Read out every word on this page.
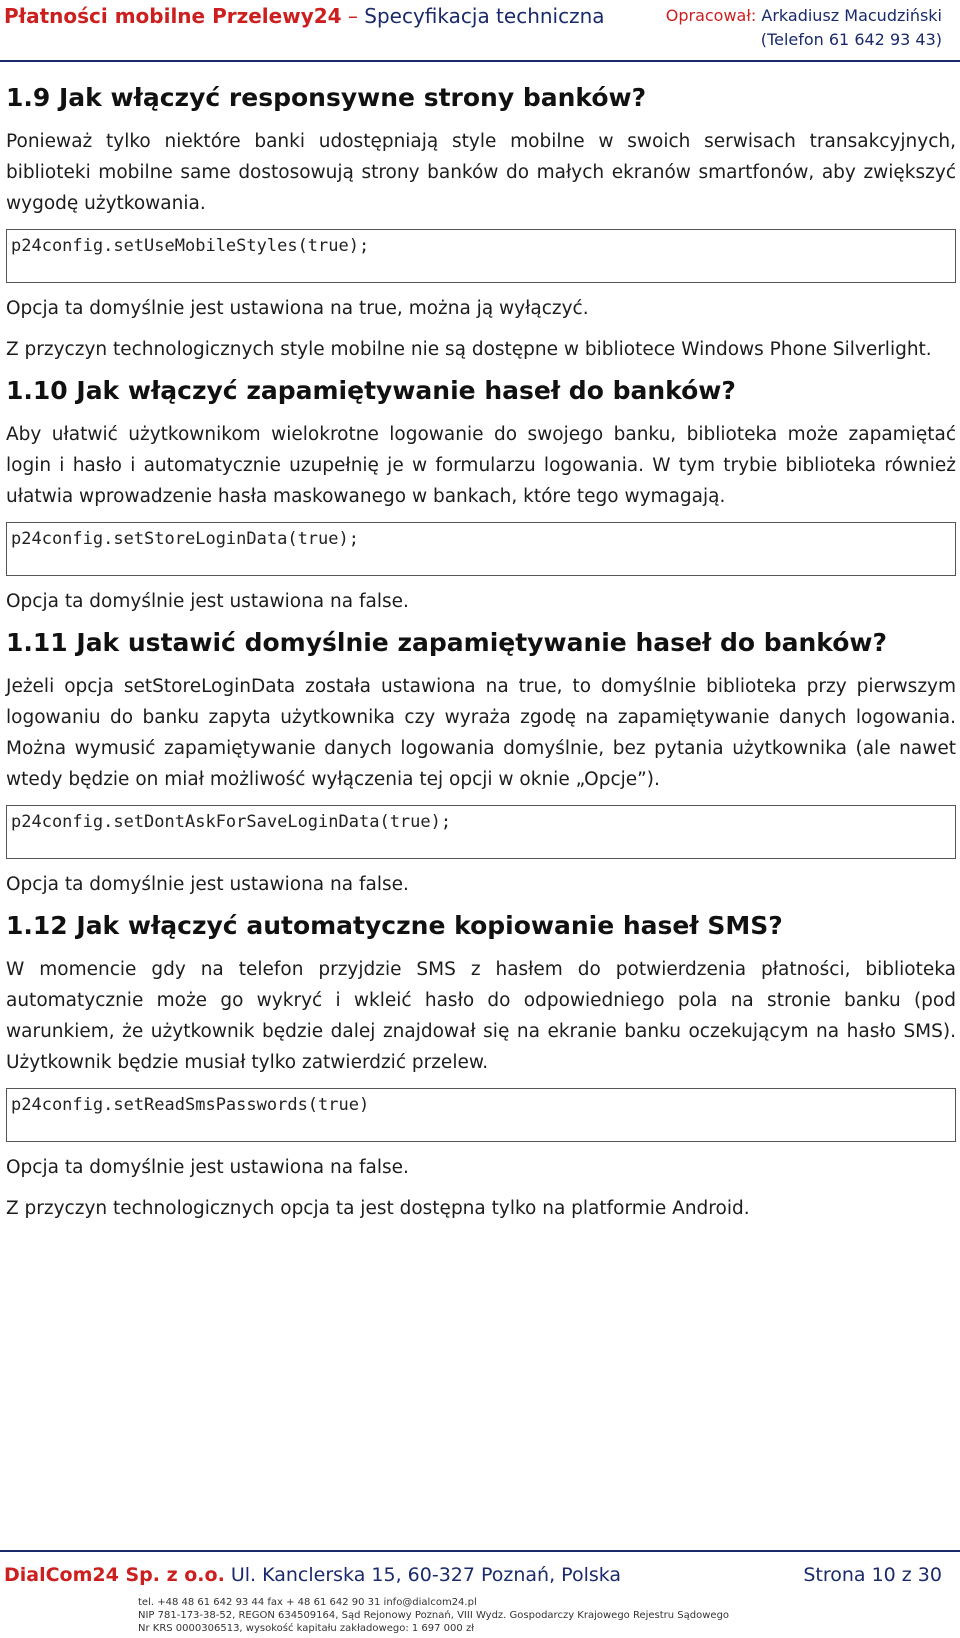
Płatności mobilne Przelewy24 – Specyfikacja techniczna	Opracował: Arkadiusz Macudziński
(Telefon 61 642 93 43)
1.9 Jak włączyć responsywne strony banków?

Ponieważ tylko niektóre banki udostępniają style mobilne w swoich serwisach transakcyjnych, biblioteki mobilne same dostosowują strony banków do małych ekranów smartfonów, aby zwiększyć wygodę użytkowania.

p24config.setUseMobileStyles(true);

Opcja ta domyślnie jest ustawiona na true, można ją wyłączyć.

Z przyczyn technologicznych style mobilne nie są dostępne w bibliotece Windows Phone Silverlight.

1.10 Jak włączyć zapamiętywanie haseł do banków?

Aby ułatwić użytkownikom wielokrotne logowanie do swojego banku, biblioteka może zapamiętać login i hasło i automatycznie uzupełnię je w formularzu logowania. W tym trybie biblioteka również ułatwia wprowadzenie hasła maskowanego w bankach, które tego wymagają.

p24config.setStoreLoginData(true);

Opcja ta domyślnie jest ustawiona na false.

1.11 Jak ustawić domyślnie zapamiętywanie haseł do banków?

Jeżeli opcja setStoreLoginData została ustawiona na true, to domyślnie biblioteka przy pierwszym logowaniu do banku zapyta użytkownika czy wyraża zgodę na zapamiętywanie danych logowania. Można wymusić zapamiętywanie danych logowania domyślnie, bez pytania użytkownika (ale nawet wtedy będzie on miał możliwość wyłączenia tej opcji w oknie „Opcje”).

p24config.setDontAskForSaveLoginData(true);

Opcja ta domyślnie jest ustawiona na false.

1.12 Jak włączyć automatyczne kopiowanie haseł SMS?

W momencie gdy na telefon przyjdzie SMS z hasłem do potwierdzenia płatności, biblioteka automatycznie może go wykryć i wkleić hasło do odpowiedniego pola na stronie banku (pod warunkiem, że użytkownik będzie dalej znajdował się na ekranie banku oczekującym na hasło SMS). Użytkownik będzie musiał tylko zatwierdzić przelew.

p24config.setReadSmsPasswords(true)

Opcja ta domyślnie jest ustawiona na false.

Z przyczyn technologicznych opcja ta jest dostępna tylko na platformie Android.

DialCom24 Sp. z o.o. Ul. Kanclerska 15, 60-327 Poznań, Polska	Strona 10 z 30
tel. +48 48 61 642 93 44 fax + 48 61 642 90 31 info@dialcom24.pl
NIP 781-173-38-52, REGON 634509164, Sąd Rejonowy Poznań, VIII Wydz. Gospodarczy Krajowego Rejestru Sądowego
Nr KRS 0000306513, wysokość kapitału zakładowego: 1 697 000 zł
